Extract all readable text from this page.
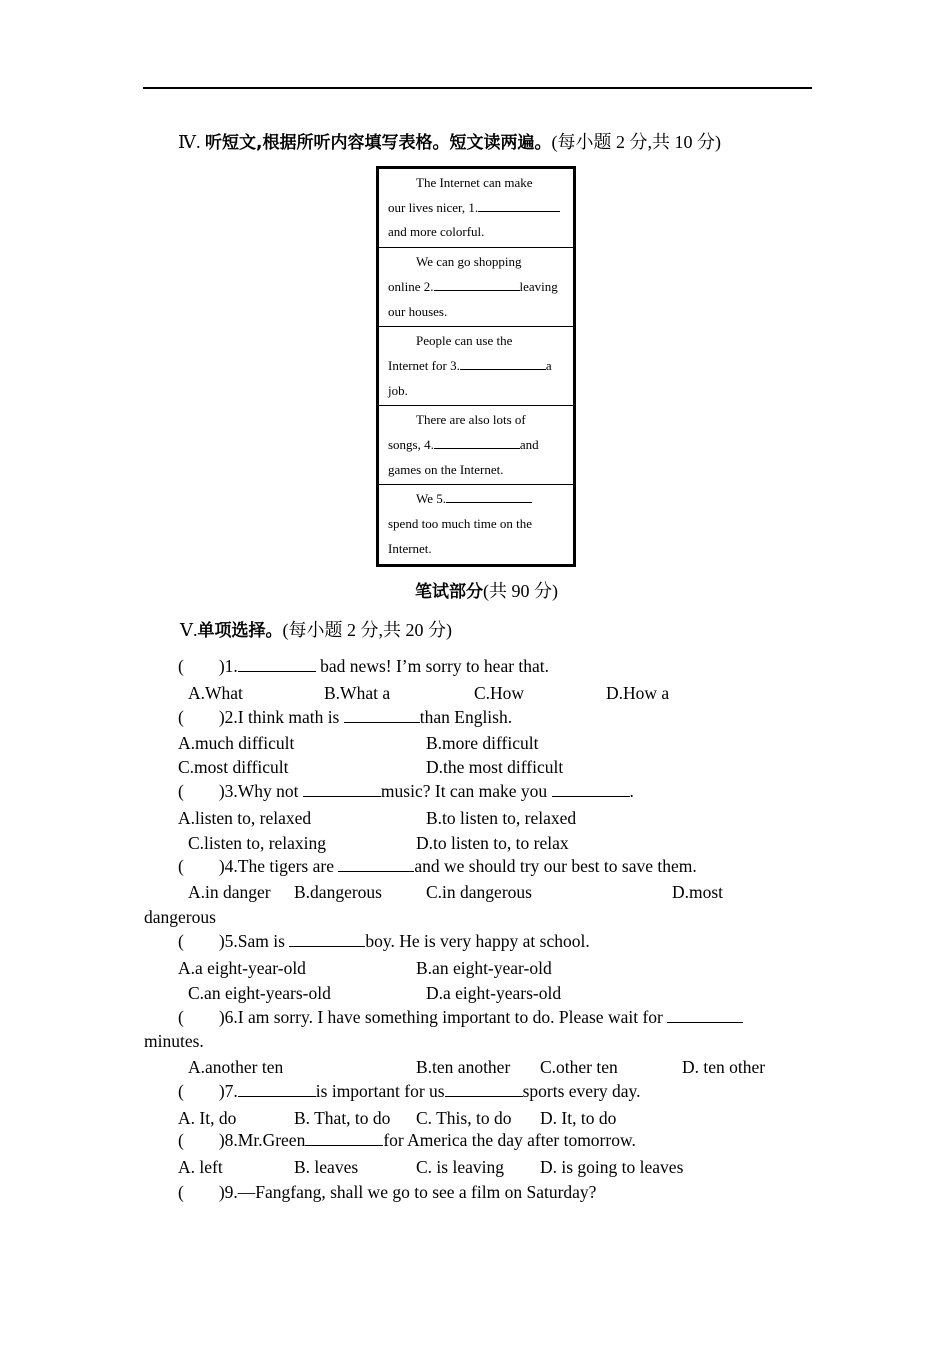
Ⅳ. 听短文,根据所听内容填写表格。短文读两遍。(每小题 2 分,共 10 分)
The Internet can make
our lives nicer, 1.
and more colorful.

We can go shopping
online 2.	leaving
our houses.

People can use the
Internet for 3.	a
job.

There are also lots of
songs, 4.	and
games on the Internet.

We 5.
spend too much time on the
Internet.
笔试部分(共 90 分)
Ⅴ.单项选择。(每小题 2 分,共 20 分)
(　　)1.	bad news! I’m sorry to hear that.
A.What	B.What a	C.How	D.How a
(　　)2.I think math is	than English.
A.much difficult	B.more difficult
C.most difficult	D.the most difficult
(　　)3.Why not	music? It can make you	.
A.listen to, relaxed	B.to listen to, relaxed
C.listen to, relaxing	D.to listen to, to relax
(　　)4.The tigers are	and we should try our best to save them.
A.in danger B.dangerous	C.in dangerous	D.most
dangerous
(　　)5.Sam is	boy. He is very happy at school.
A.a eight-year-old	B.an eight-year-old
C.an eight-years-old	D.a eight-years-old
(　　)6.I am sorry. I have something important to do. Please wait for
minutes.
A.another ten	B.ten another C.other ten	D. ten other
(　　)7.	is important for us	sports every day.
A. It, do	B. That, to do C. This, to do D. It, to do
(　　)8.Mr.Green	for America the day after tomorrow.
A. left	B. leaves	C. is leaving D. is going to leaves
(　　)9.—Fangfang, shall we go to see a film on Saturday?
